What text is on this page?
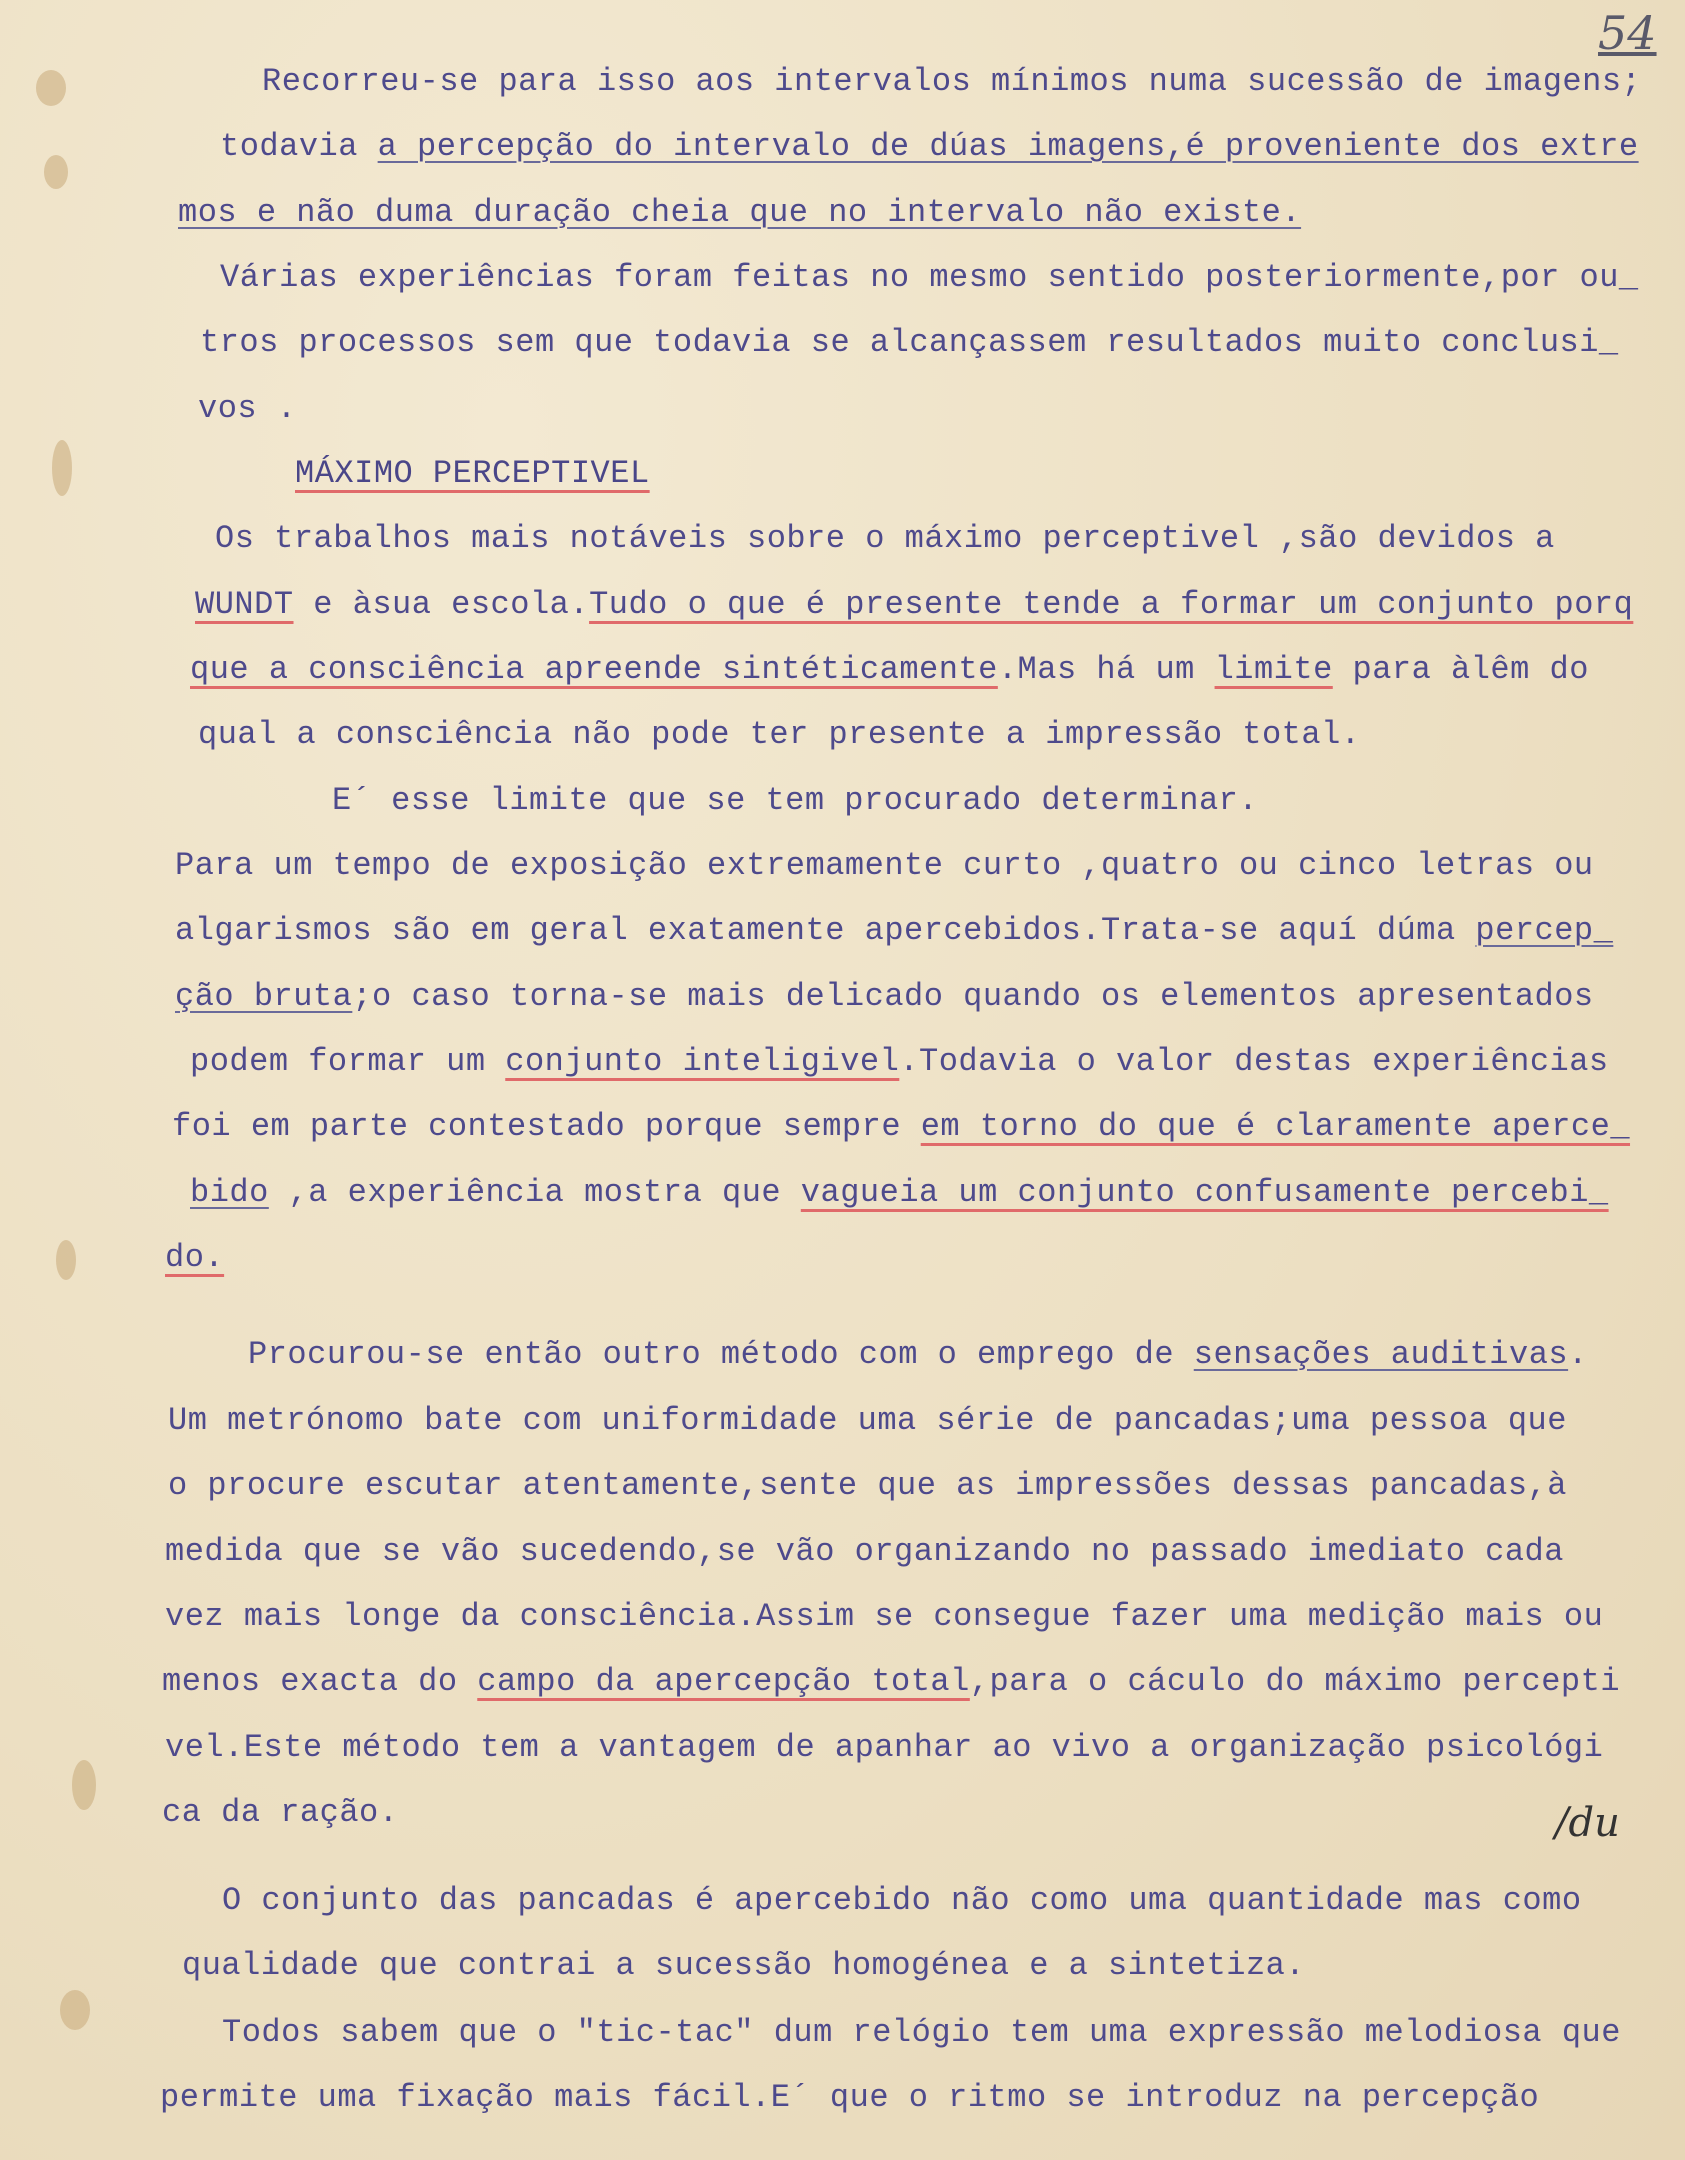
54
Recorreu-se para isso aos intervalos mínimos numa sucessão de imagens;
todavia a percepção do intervalo de dúas imagens,é proveniente dos extre
mos e não duma duração cheia que no intervalo não existe.
Várias experiências foram feitas no mesmo sentido posteriormente,por ou_
tros processos sem que todavia se alcançassem resultados muito conclusi_
vos .
MÁXIMO PERCEPTIVEL
Os trabalhos mais notáveis sobre o máximo perceptivel ,são devidos a
WUNDT e àsua escola.Tudo o que é presente tende a formar um conjunto porq
que a consciência apreende sintéticamente.Mas há um limite para àlêm do
qual a consciência não pode ter presente a impressão total.
E´ esse limite que se tem procurado determinar.
Para um tempo de exposição extremamente curto ,quatro ou cinco letras ou
algarismos são em geral exatamente apercebidos.Trata-se aquí dúma percep_
ção bruta;o caso torna-se mais delicado quando os elementos apresentados
podem formar um conjunto inteligivel.Todavia o valor destas experiências
foi em parte contestado porque sempre em torno do que é claramente aperce_
bido ,a experiência mostra que vagueia um conjunto confusamente percebi_
do.
Procurou-se então outro método com o emprego de sensações auditivas.
Um metrónomo bate com uniformidade uma série de pancadas;uma pessoa que
o procure escutar atentamente,sente que as impressões dessas pancadas,à
medida que se vão sucedendo,se vão organizando no passado imediato cada
vez mais longe da consciência.Assim se consegue fazer uma medição mais ou
menos exacta do campo da apercepção total,para o cáculo do máximo percepti
vel.Este método tem a vantagem de apanhar ao vivo a organização psicológi
ca da ração.
O conjunto das pancadas é apercebido não como uma quantidade mas como
qualidade que contrai a sucessão homogénea e a sintetiza.
Todos sabem que o "tic-tac" dum relógio tem uma expressão melodiosa que
permite uma fixação mais fácil.E´ que o ritmo se introduz na percepção
/du
